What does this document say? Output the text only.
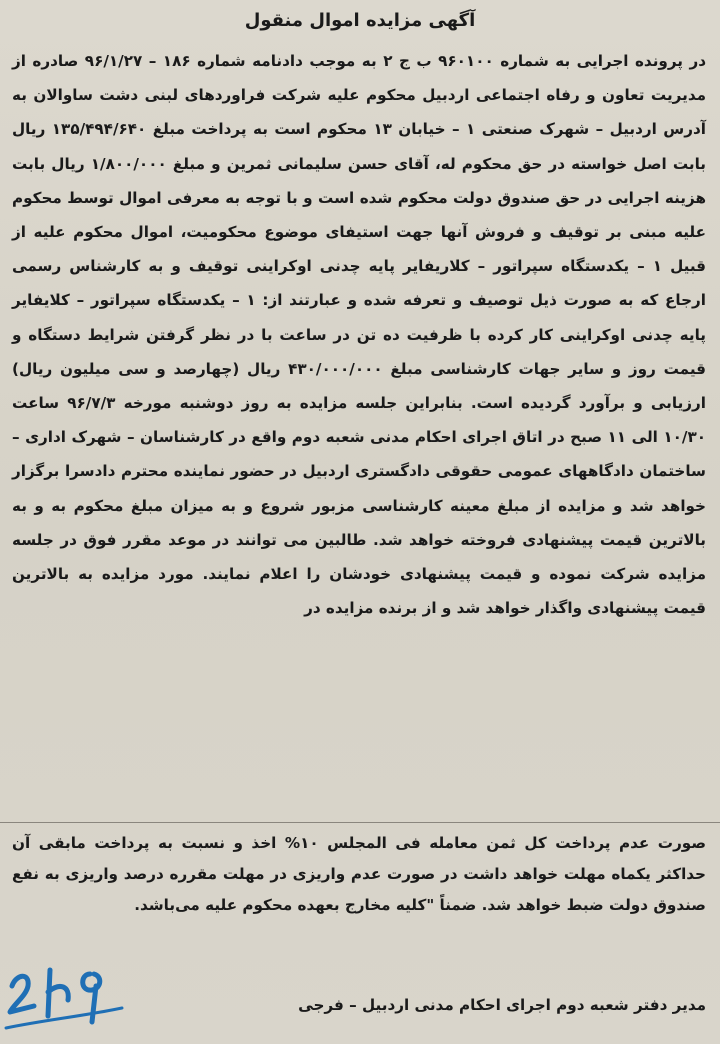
آگهی مزایده اموال منقول
در پرونده اجرایی به شماره ۹۶۰۱۰۰ ب ج ۲ به موجب دادنامه شماره ۱۸۶ – ۹۶/۱/۲۷ صادره از مدیریت تعاون و رفاه اجتماعی اردبیل محکوم علیه شرکت فراوردهای لبنی دشت ساوالان به آدرس اردبیل – شهرک صنعتی ۱ – خیابان ۱۳ محکوم است به پرداخت مبلغ ۱۳۵/۴۹۴/۶۴۰ ریال بابت اصل خواسته در حق محکوم له، آقای حسن سلیمانی ثمرین و مبلغ ۱/۸۰۰/۰۰۰ ریال بابت هزینه اجرایی در حق صندوق دولت محکوم شده است و با توجه به معرفی اموال توسط محکوم علیه مبنی بر توقیف و فروش آنها جهت استیفای موضوع محکومیت، اموال محکوم علیه از قبیل ۱ – یکدستگاه سپراتور – کلاریفایر پایه چدنی اوکراینی توقیف و به کارشناس رسمی ارجاع که به صورت ذیل توصیف و تعرفه شده و عبارتند از: ۱ – یکدستگاه سپراتور – کلایفایر پایه چدنی اوکراینی کار کرده با ظرفیت ده تن در ساعت با در نظر گرفتن شرایط دستگاه و قیمت روز و سایر جهات کارشناسی مبلغ ۴۳۰/۰۰۰/۰۰۰ ریال (چهارصد و سی میلیون ریال) ارزیابی و برآورد گردیده است. بنابراین جلسه مزایده به روز دوشنبه مورخه ۹۶/۷/۳ ساعت ۱۰/۳۰ الی ۱۱ صبح در اتاق اجرای احکام مدنی شعبه دوم واقع در کارشناسان – شهرک اداری – ساختمان دادگاههای عمومی حقوقی دادگستری اردبیل در حضور نماینده محترم دادسرا برگزار خواهد شد و مزایده از مبلغ معینه کارشناسی مزبور شروع و به میزان مبلغ محکوم به و به بالاترین قیمت پیشنهادی فروخته خواهد شد. طالبین می توانند در موعد مقرر فوق در جلسه مزایده شرکت نموده و قیمت پیشنهادی خودشان را اعلام نمایند. مورد مزایده به بالاترین قیمت پیشنهادی واگذار خواهد شد و از برنده مزایده در
صورت عدم پرداخت کل ثمن معامله فی المجلس ۱۰% اخذ و نسبت به پرداخت مابقی آن حداکثر یکماه مهلت خواهد داشت در صورت عدم واریزی در مهلت مقرره درصد واریزی به نفع صندوق دولت ضبط خواهد شد. ضمناً "کلیه مخارج بعهده محکوم علیه می‌باشد.
مدیر دفتر شعبه دوم اجرای احکام مدنی اردبیل – فرجی
